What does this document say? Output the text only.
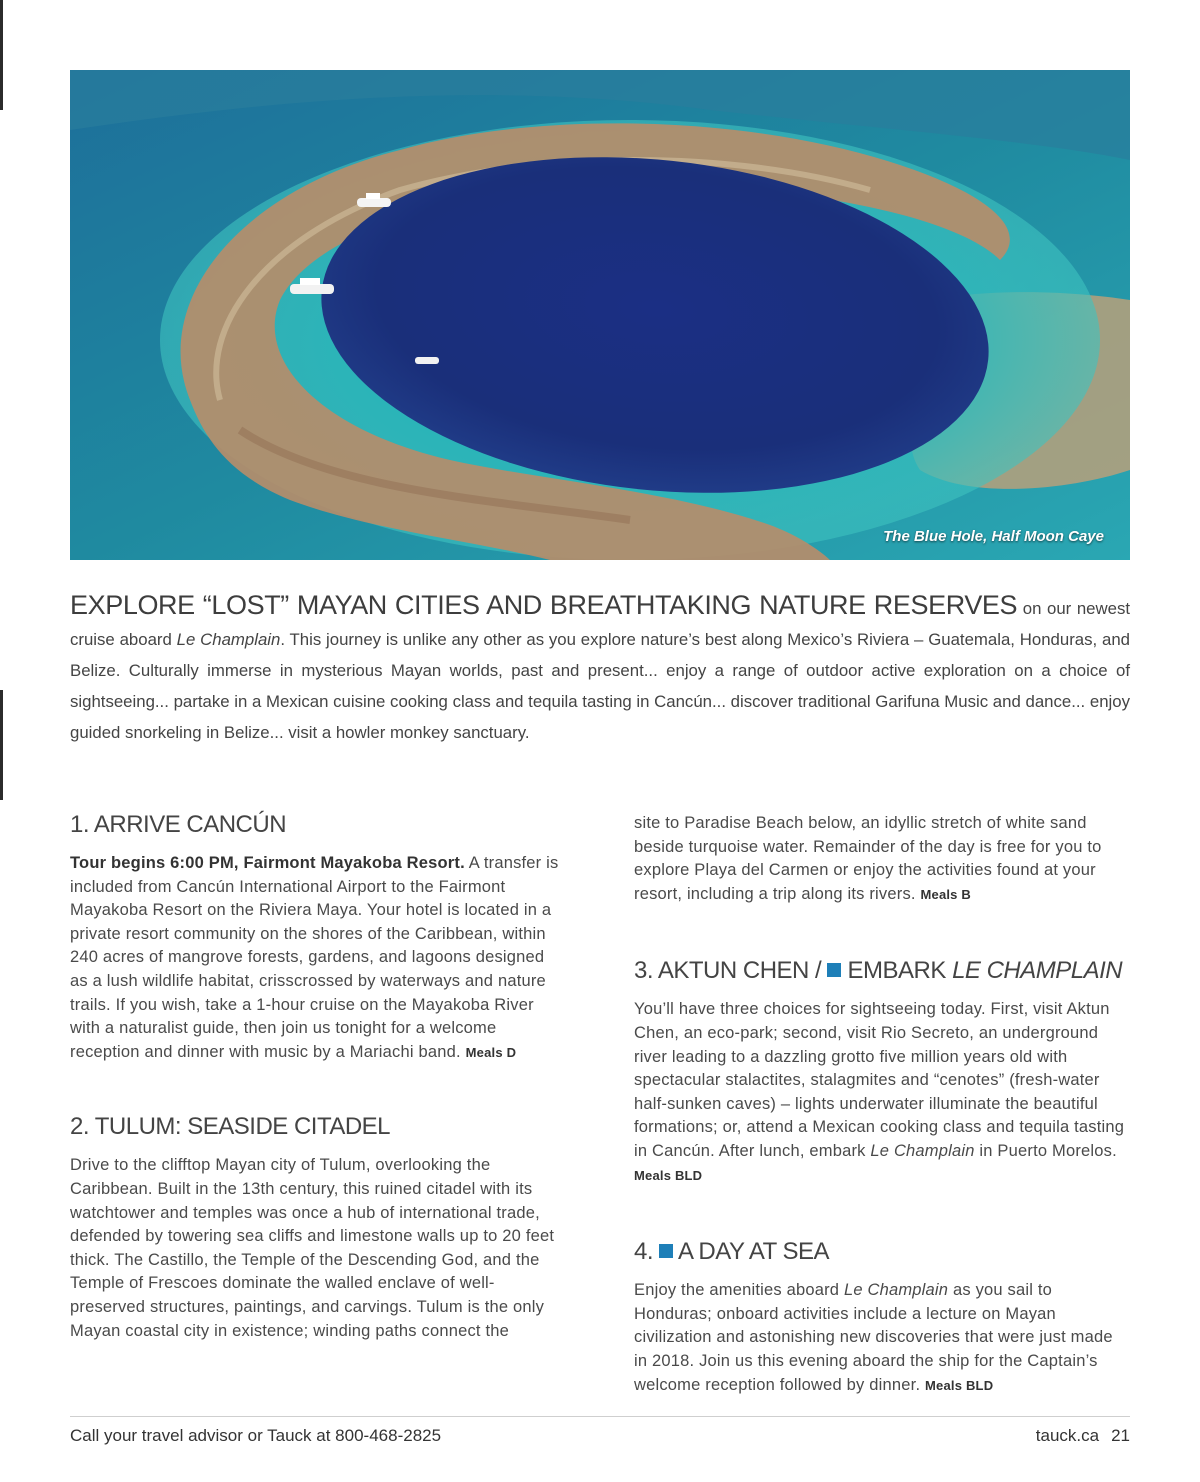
The Blue Hole, Half Moon Caye
EXPLORE “LOST” MAYAN CITIES AND BREATHTAKING NATURE RESERVES on our newest cruise aboard Le Champlain. This journey is unlike any other as you explore nature’s best along Mexico’s Riviera – Guatemala, Honduras, and Belize. Culturally immerse in mysterious Mayan worlds, past and present... enjoy a range of outdoor active exploration on a choice of sightseeing... partake in a Mexican cuisine cooking class and tequila tasting in Cancún... discover traditional Garifuna Music and dance... enjoy guided snorkeling in Belize... visit a howler monkey sanctuary.
1. ARRIVE CANCÚN

Tour begins 6:00 PM, Fairmont Mayakoba Resort. A transfer is included from Cancún International Airport to the Fairmont Mayakoba Resort on the Riviera Maya. Your hotel is located in a private resort community on the shores of the Caribbean, within 240 acres of mangrove forests, gardens, and lagoons designed as a lush wildlife habitat, crisscrossed by waterways and nature trails. If you wish, take a 1-hour cruise on the Mayakoba River with a naturalist guide, then join us tonight for a welcome reception and dinner with music by a Mariachi band. Meals D

2. TULUM: SEASIDE CITADEL

Drive to the clifftop Mayan city of Tulum, overlooking the Caribbean. Built in the 13th century, this ruined citadel with its watchtower and temples was once a hub of international trade, defended by towering sea cliffs and limestone walls up to 20 feet thick. The Castillo, the Temple of the Descending God, and the Temple of Frescoes dominate the walled enclave of well-preserved structures, paintings, and carvings. Tulum is the only Mayan coastal city in existence; winding paths connect the

site to Paradise Beach below, an idyllic stretch of white sand beside turquoise water. Remainder of the day is free for you to explore Playa del Carmen or enjoy the activities found at your resort, including a trip along its rivers. Meals B

3. AKTUN CHEN /  EMBARK LE CHAMPLAIN

You’ll have three choices for sightseeing today. First, visit Aktun Chen, an eco-park; second, visit Rio Secreto, an underground river leading to a dazzling grotto five million years old with spectacular stalactites, stalagmites and “cenotes” (fresh-water half-sunken caves) – lights underwater illuminate the beautiful formations; or, attend a Mexican cooking class and tequila tasting in Cancún. After lunch, embark Le Champlain in Puerto Morelos. Meals BLD

4.  A DAY AT SEA

Enjoy the amenities aboard Le Champlain as you sail to Honduras; onboard activities include a lecture on Mayan civilization and astonishing new discoveries that were just made in 2018. Join us this evening aboard the ship for the Captain’s welcome reception followed by dinner. Meals BLD

Call your travel advisor or Tauck at 800-468-2825	tauck.ca 21
